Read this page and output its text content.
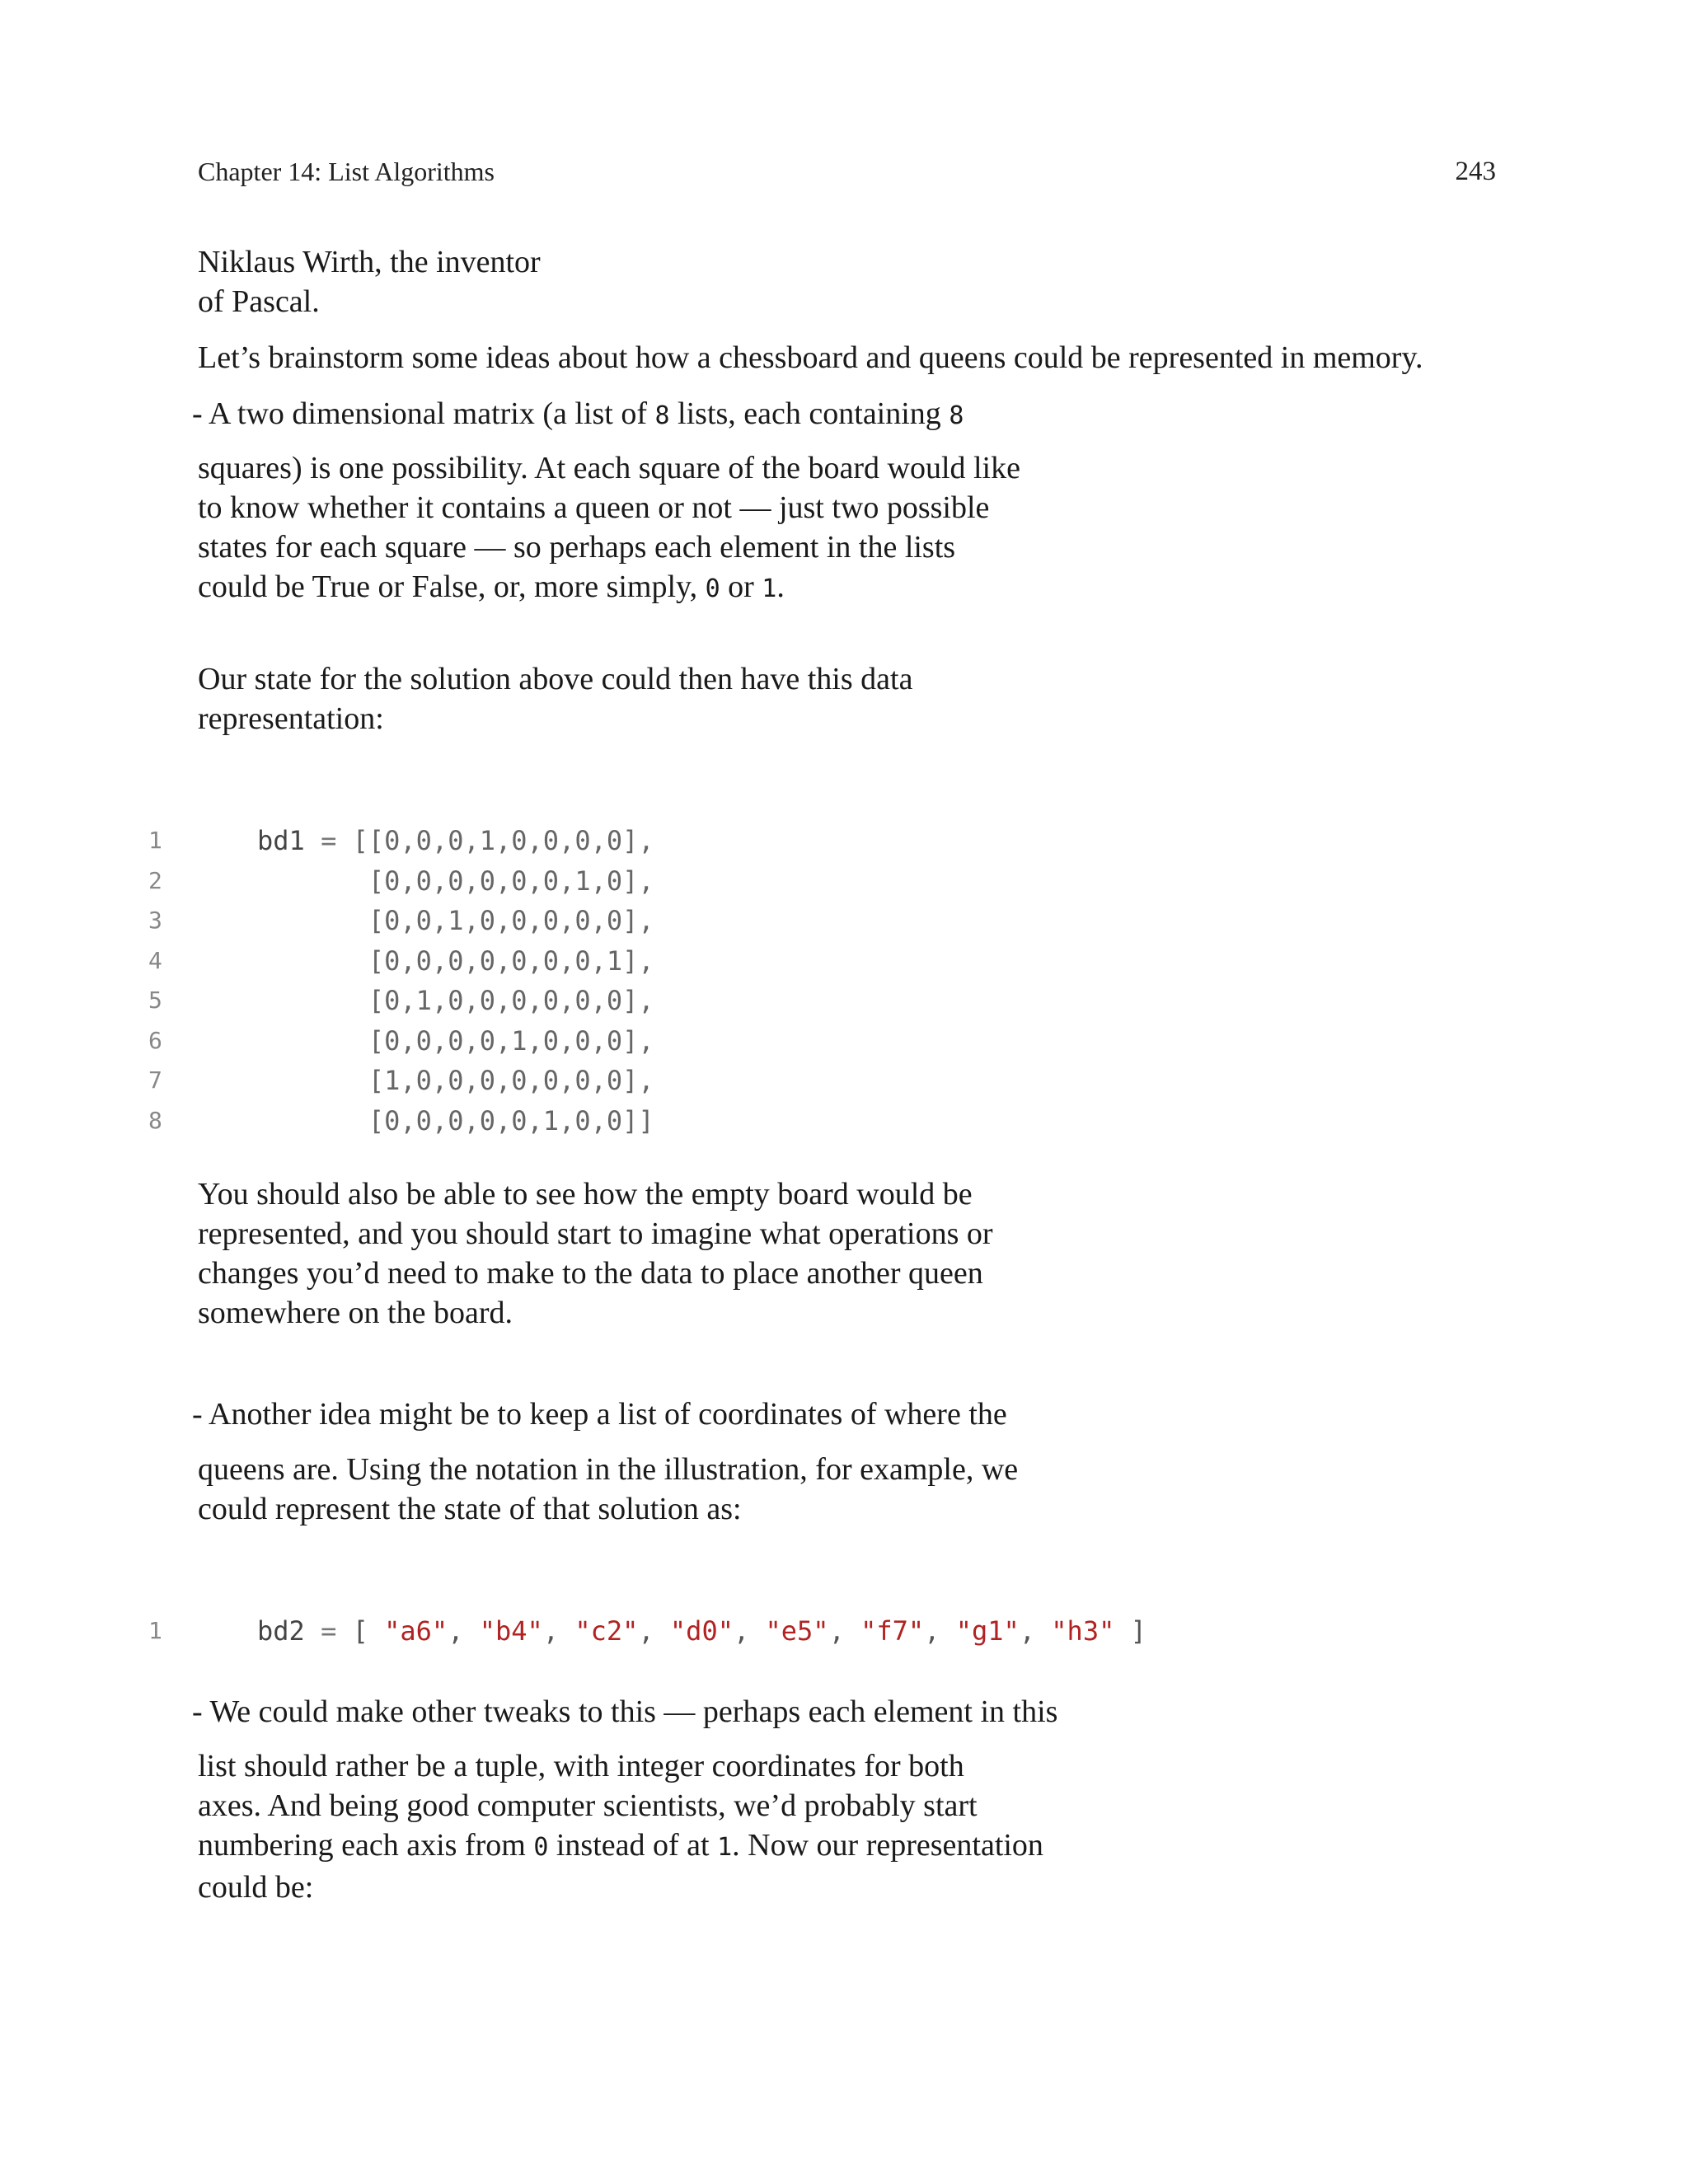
Chapter 14: List Algorithms	243

Niklaus Wirth, the inventor
of Pascal.

Let’s brainstorm some ideas about how a chessboard and queens could be represented in memory.

- A two dimensional matrix (a list of 8 lists, each containing 8

squares) is one possibility. At each square of the board would like
to know whether it contains a queen or not — just two possible
states for each square — so perhaps each element in the lists
could be True or False, or, more simply, 0 or 1.

Our state for the solution above could then have this data
representation:

1	bd1 = [[0,0,0,1,0,0,0,0],
2	[0,0,0,0,0,0,1,0],
3	[0,0,1,0,0,0,0,0],
4	[0,0,0,0,0,0,0,1],
5	[0,1,0,0,0,0,0,0],
6	[0,0,0,0,1,0,0,0],
7	[1,0,0,0,0,0,0,0],
8	[0,0,0,0,0,1,0,0]]

You should also be able to see how the empty board would be
represented, and you should start to imagine what operations or
changes you’d need to make to the data to place another queen
somewhere on the board.

- Another idea might be to keep a list of coordinates of where the

queens are. Using the notation in the illustration, for example, we
could represent the state of that solution as:

1	bd2 = [ "a6", "b4", "c2", "d0", "e5", "f7", "g1", "h3" ]

- We could make other tweaks to this — perhaps each element in this

list should rather be a tuple, with integer coordinates for both
axes. And being good computer scientists, we’d probably start
numbering each axis from 0 instead of at 1. Now our representation
could be:
